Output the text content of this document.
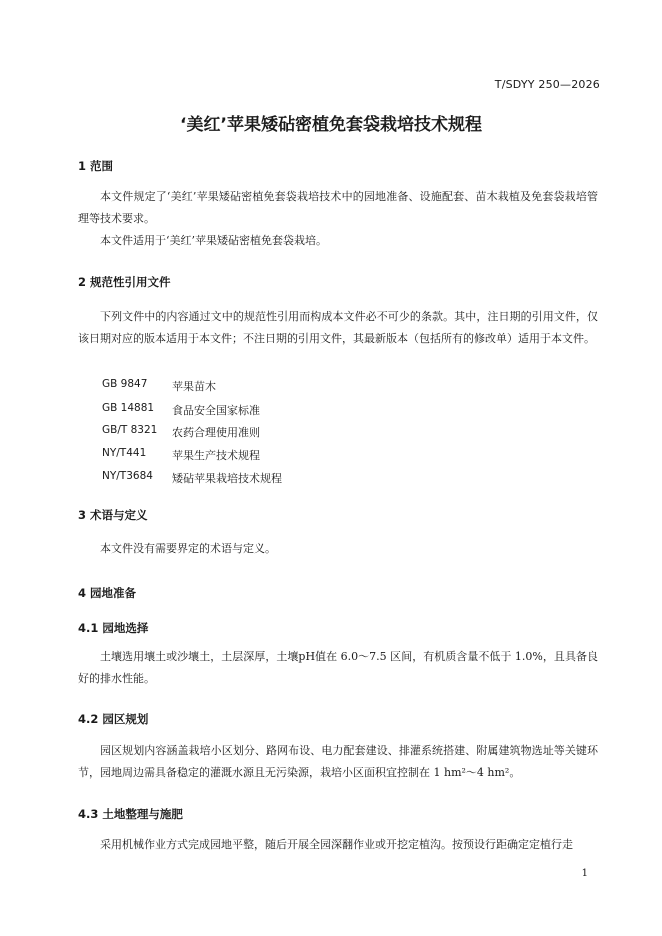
T/SDYY 250—2026
‘美红’苹果矮砧密植免套袋栽培技术规程
1 范围

本文件规定了‘美红’苹果矮砧密植免套袋栽培技术中的园地准备、设施配套、苗木栽植及免套袋栽培管理等技术要求。

本文件适用于‘美红’苹果矮砧密植免套袋栽培。

2 规范性引用文件

下列文件中的内容通过文中的规范性引用而构成本文件必不可少的条款。其中，注日期的引用文件，仅该日期对应的版本适用于本文件；不注日期的引用文件，其最新版本（包括所有的修改单）适用于本文件。

GB 9847	苹果苗木
GB 14881	食品安全国家标准
GB/T 8321	农药合理使用准则
NY/T441	苹果生产技术规程
NY/T3684	矮砧苹果栽培技术规程
3 术语与定义

本文件没有需要界定的术语与定义。

4 园地准备
4.1 园地选择

土壤选用壤土或沙壤土，土层深厚，土壤pH值在 6.0～7.5 区间，有机质含量不低于 1.0%，且具备良好的排水性能。

4.2 园区规划

园区规划内容涵盖栽培小区划分、路网布设、电力配套建设、排灌系统搭建、附属建筑物选址等关键环节，园地周边需具备稳定的灌溉水源且无污染源，栽培小区面积宜控制在 1 hm²～4 hm²。

4.3 土地整理与施肥

采用机械作业方式完成园地平整，随后开展全园深翻作业或开挖定植沟。按预设行距确定定植行走

1
